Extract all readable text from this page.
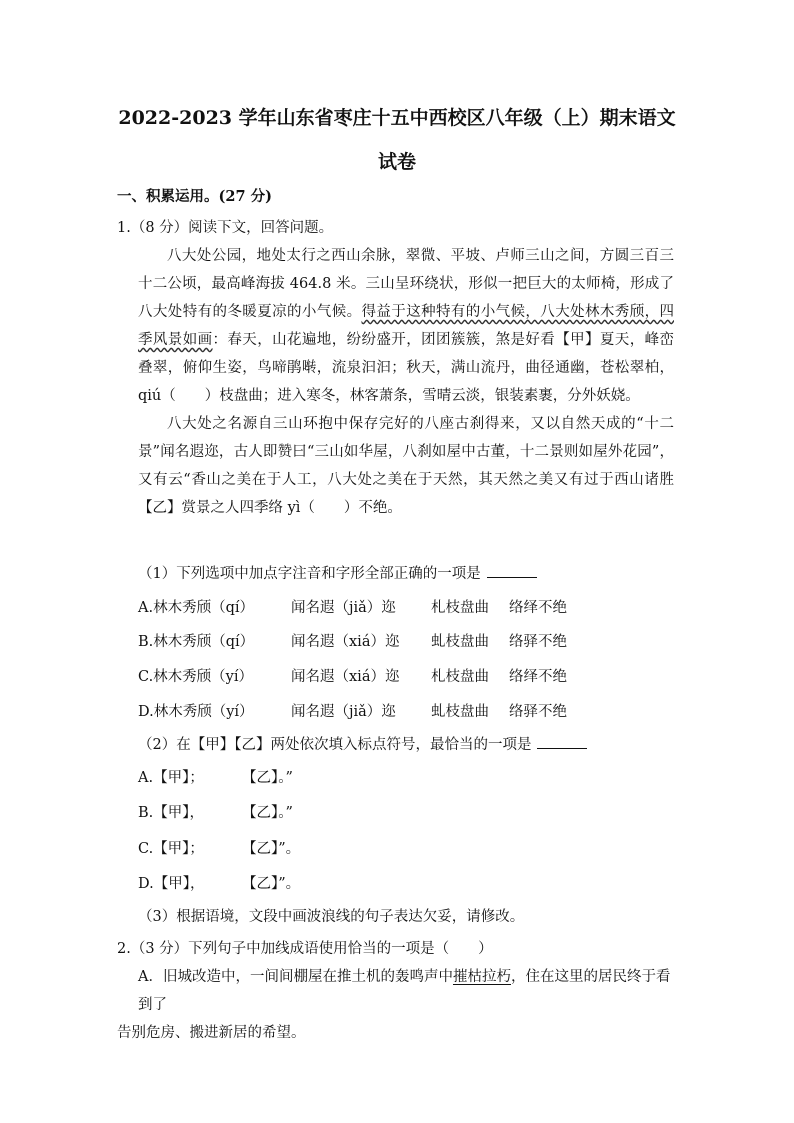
2022-2023 学年山东省枣庄十五中西校区八年级（上）期末语文
试卷
一、积累运用。(27 分)
1.（8 分）阅读下文，回答问题。

八大处公园，地处太行之西山余脉，翠微、平坡、卢师三山之间，方圆三百三十二公顷，最高峰海拔 464.8 米。三山呈环绕状，形似一把巨大的太师椅，形成了八大处特有的冬暖夏凉的小气候。得益于这种特有的小气候，八大处林木秀颀，四季风景如画：春天，山花遍地，纷纷盛开，团团簇簇，煞是好看【甲】夏天，峰峦叠翠，俯仰生姿，鸟啼鹃啭，流泉汩汩；秋天，满山流丹，曲径通幽，苍松翠柏，qiú（　　）枝盘曲；进入寒冬，林客萧条，雪晴云淡，银装素裹，分外妖娆。

八大处之名源自三山环抱中保存完好的八座古刹得来，又以自然天成的“十二景”闻名遐迩，古人即赞曰“三山如华屋，八刹如屋中古董，十二景则如屋外花园”，又有云“香山之美在于人工，八大处之美在于天然，其天然之美又有过于西山诸胜【乙】赏景之人四季络 yì（　　）不绝。

（1）下列选项中加点字注音和字形全部正确的一项是
A.林木秀颀（qí）	闻名遐（jiǎ）迩 札枝盘曲 络绎不绝
B.林木秀颀（qí）	闻名遐（xiá）迩 虬枝盘曲 络驿不绝
C.林木秀颀（yí）	闻名遐（xiá）迩 札枝盘曲 络绎不绝
D.林木秀颀（yí）	闻名遐（jiǎ）迩 虬枝盘曲 络驿不绝
（2）在【甲】【乙】两处依次填入标点符号，最恰当的一项是
A.【甲】；	【乙】。”
B.【甲】，	【乙】。”
C.【甲】；	【乙】”。
D.【甲】，	【乙】”。
（3）根据语境，文段中画波浪线的句子表达欠妥，请修改。
2.（3 分）下列句子中加线成语使用恰当的一项是（　　）
A．旧城改造中，一间间棚屋在推土机的轰鸣声中摧枯拉朽，住在这里的居民终于看到了
告别危房、搬进新居的希望。
